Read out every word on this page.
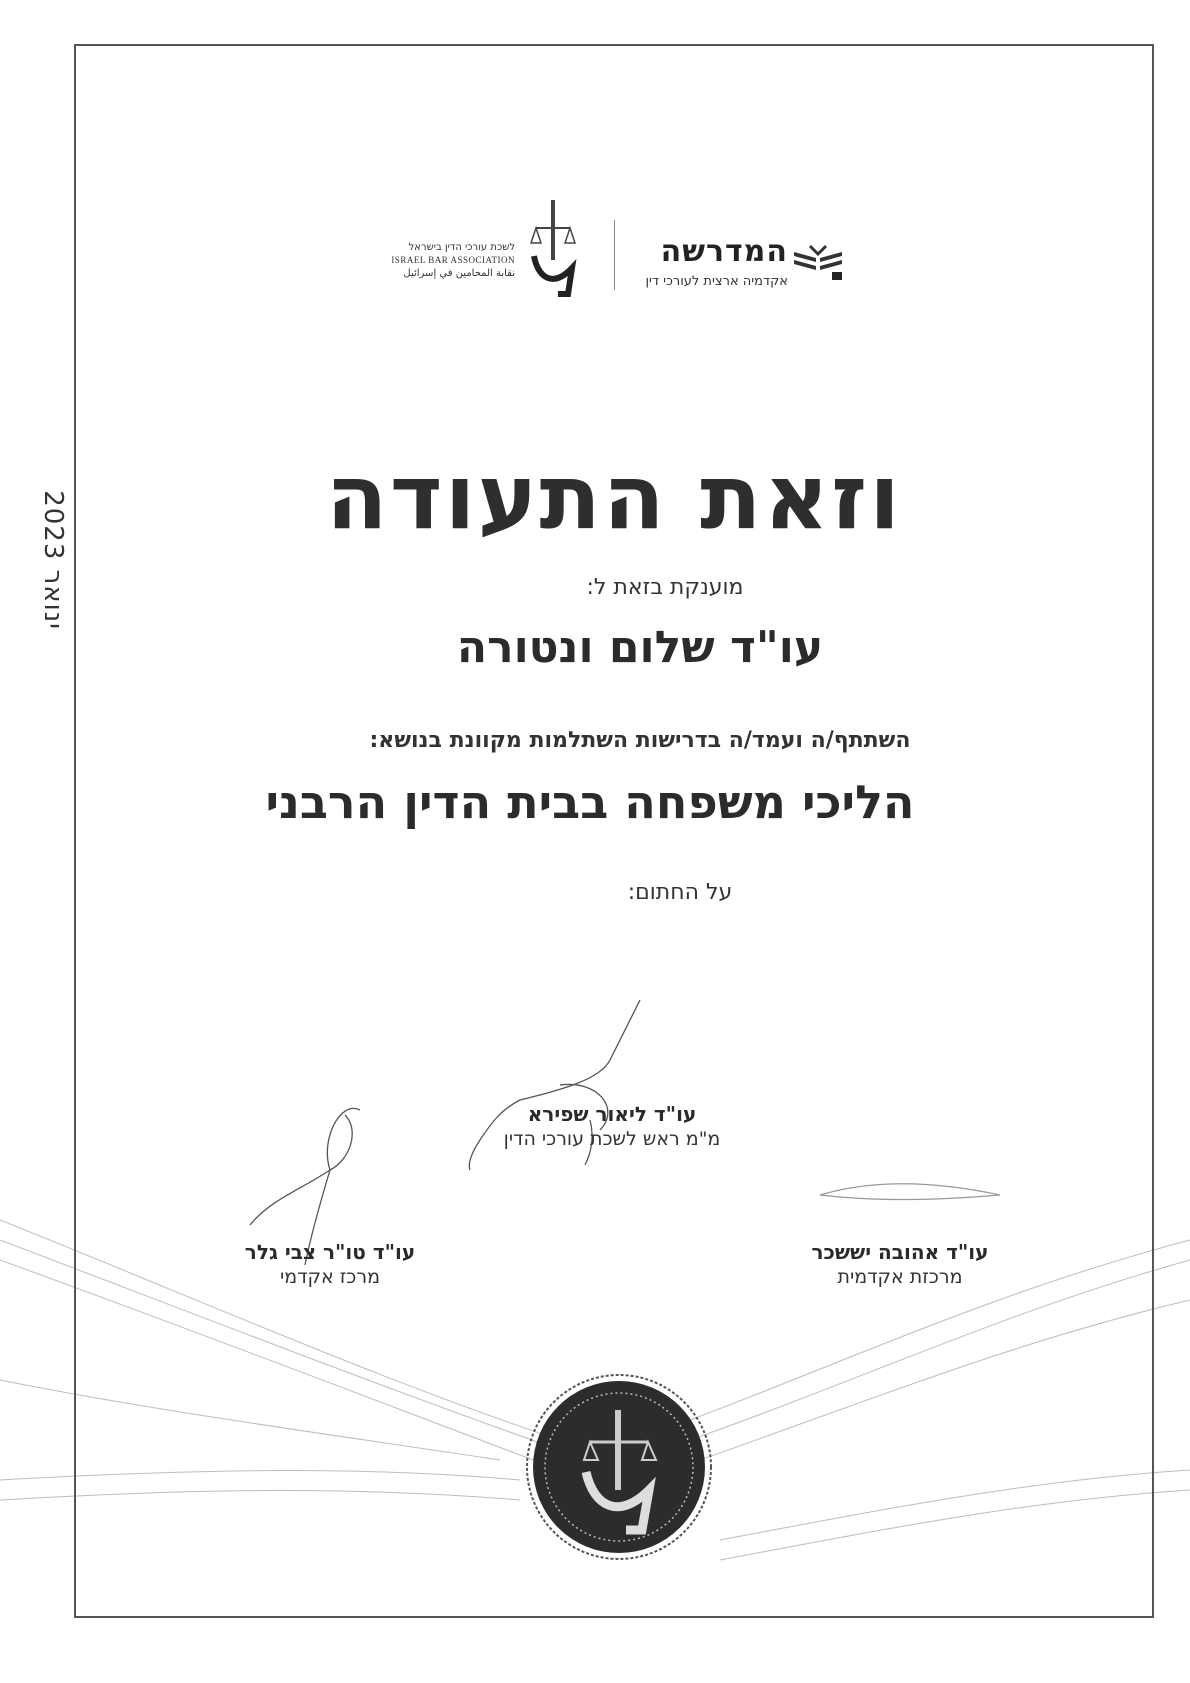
לשכת עורכי הדין בישראל
ISRAEL BAR ASSOCIATION
نقابة المحامين في إسرائيل
המדרשה
אקדמיה ארצית לעורכי דין
ינואר 2023
וזאת התעודה
מוענקת בזאת ל:
עו"ד שלום ונטורה
השתתף/ה ועמד/ה בדרישות השתלמות מקוונת בנושא:
הליכי משפחה בבית הדין הרבני
על החתום:
עו"ד ליאור שפירא
מ"מ ראש לשכת עורכי הדין
עו"ד טו"ר צבי גלר
מרכז אקדמי
עו"ד אהובה יששכר
מרכזת אקדמית
